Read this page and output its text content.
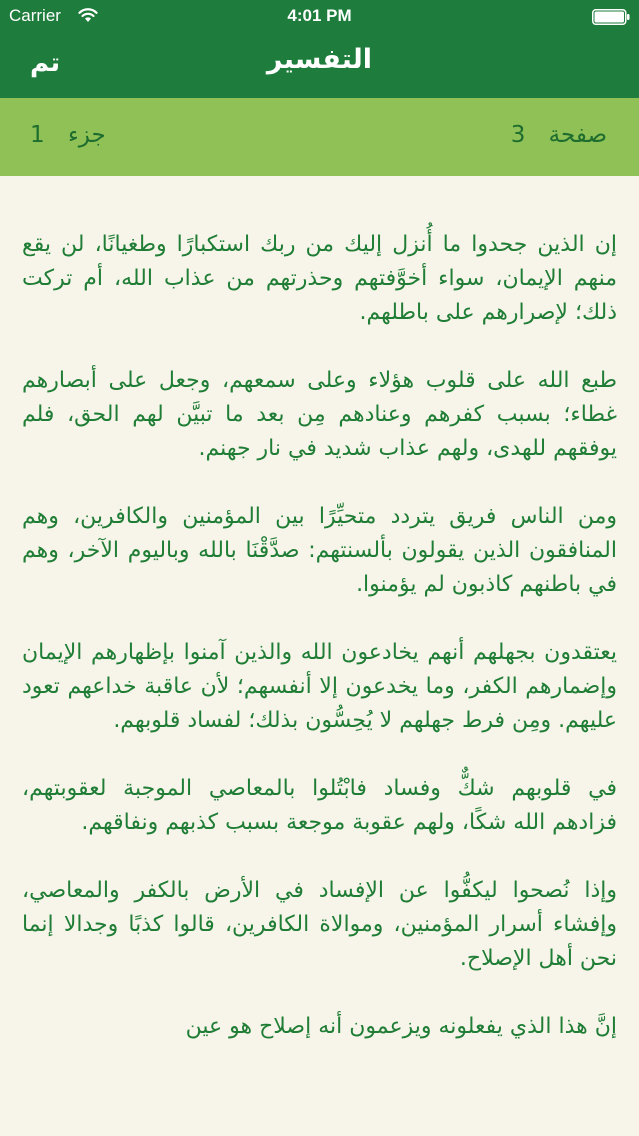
Carrier	4:01 PM
تم	التفسير
صفحة 3
جزء 1

إن الذين جحدوا ما أُنزل إليك من ربك استكبارًا وطغيانًا، لن يقع منهم الإيمان، سواء أخوَّفتهم وحذرتهم من عذاب الله، أم تركت ذلك؛ لإصرارهم على باطلهم.

طبع الله على قلوب هؤلاء وعلى سمعهم، وجعل على أبصارهم غطاء؛ بسبب كفرهم وعنادهم مِن بعد ما تبيَّن لهم الحق، فلم يوفقهم للهدى، ولهم عذاب شديد في نار جهنم.

ومن الناس فريق يتردد متحيِّرًا بين المؤمنين والكافرين، وهم المنافقون الذين يقولون بألسنتهم: صدَّقْنَا بالله وباليوم الآخر، وهم في باطنهم كاذبون لم يؤمنوا.

يعتقدون بجهلهم أنهم يخادعون الله والذين آمنوا بإظهارهم الإيمان وإضمارهم الكفر، وما يخدعون إلا أنفسهم؛ لأن عاقبة خداعهم تعود عليهم. ومِن فرط جهلهم لا يُحِسُّون بذلك؛ لفساد قلوبهم.

في قلوبهم شكٌّ وفساد فابْتُلوا بالمعاصي الموجبة لعقوبتهم، فزادهم الله شكًا، ولهم عقوبة موجعة بسبب كذبهم ونفاقهم.

وإذا نُصحوا ليكفُّوا عن الإفساد في الأرض بالكفر والمعاصي، وإفشاء أسرار المؤمنين، وموالاة الكافرين، قالوا كذبًا وجدالا إنما نحن أهل الإصلاح.

إنَّ هذا الذي يفعلونه ويزعمون أنه إصلاح هو عين
